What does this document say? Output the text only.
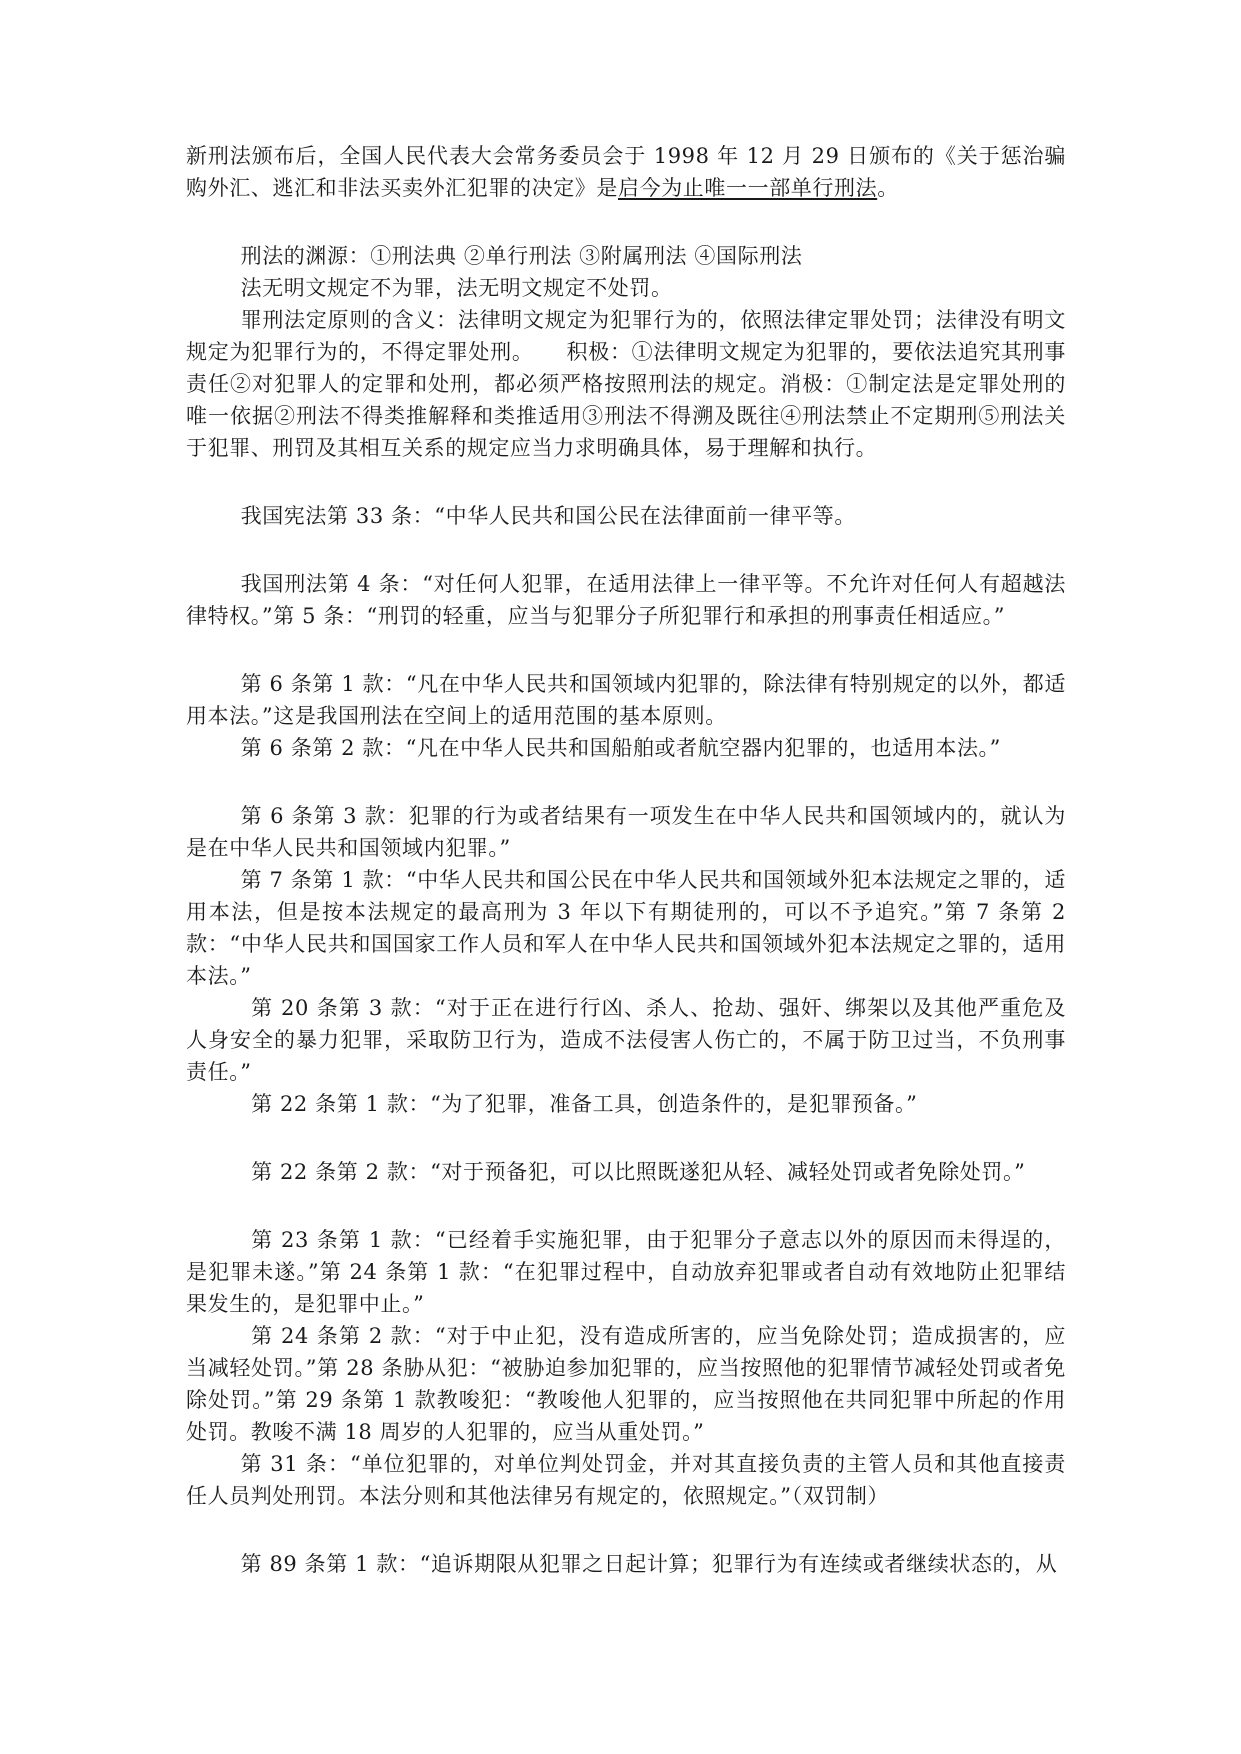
新刑法颁布后，全国人民代表大会常务委员会于 1998 年 12 月 29 日颁布的《关于惩治骗购外汇、逃汇和非法买卖外汇犯罪的决定》是启今为止唯一一部单行刑法。

刑法的渊源：①刑法典 ②单行刑法 ③附属刑法 ④国际刑法

法无明文规定不为罪，法无明文规定不处罚。

罪刑法定原则的含义：法律明文规定为犯罪行为的，依照法律定罪处罚；法律没有明文规定为犯罪行为的，不得定罪处刑。　　积极：①法律明文规定为犯罪的，要依法追究其刑事责任②对犯罪人的定罪和处刑，都必须严格按照刑法的规定。消极：①制定法是定罪处刑的唯一依据②刑法不得类推解释和类推适用③刑法不得溯及既往④刑法禁止不定期刑⑤刑法关于犯罪、刑罚及其相互关系的规定应当力求明确具体，易于理解和执行。

我国宪法第 33 条：“中华人民共和国公民在法律面前一律平等。

我国刑法第 4 条：“对任何人犯罪，在适用法律上一律平等。不允许对任何人有超越法律特权。”第 5 条：“刑罚的轻重，应当与犯罪分子所犯罪行和承担的刑事责任相适应。”

第 6 条第 1 款：“凡在中华人民共和国领域内犯罪的，除法律有特别规定的以外，都适用本法。”这是我国刑法在空间上的适用范围的基本原则。

第 6 条第 2 款：“凡在中华人民共和国船舶或者航空器内犯罪的，也适用本法。”

第 6 条第 3 款：犯罪的行为或者结果有一项发生在中华人民共和国领域内的，就认为是在中华人民共和国领域内犯罪。”

第 7 条第 1 款：“中华人民共和国公民在中华人民共和国领域外犯本法规定之罪的，适用本法，但是按本法规定的最高刑为 3 年以下有期徒刑的，可以不予追究。”第 7 条第 2 款：“中华人民共和国国家工作人员和军人在中华人民共和国领域外犯本法规定之罪的，适用本法。”

第 20 条第 3 款：“对于正在进行行凶、杀人、抢劫、强奸、绑架以及其他严重危及人身安全的暴力犯罪，采取防卫行为，造成不法侵害人伤亡的，不属于防卫过当，不负刑事责任。”

第 22 条第 1 款：“为了犯罪，准备工具，创造条件的，是犯罪预备。”

第 22 条第 2 款：“对于预备犯，可以比照既遂犯从轻、减轻处罚或者免除处罚。”

第 23 条第 1 款：“已经着手实施犯罪，由于犯罪分子意志以外的原因而未得逞的，是犯罪未遂。”第 24 条第 1 款：“在犯罪过程中，自动放弃犯罪或者自动有效地防止犯罪结果发生的，是犯罪中止。”

第 24 条第 2 款：“对于中止犯，没有造成所害的，应当免除处罚；造成损害的，应当减轻处罚。”第 28 条胁从犯：“被胁迫参加犯罪的，应当按照他的犯罪情节减轻处罚或者免除处罚。”第 29 条第 1 款教唆犯：“教唆他人犯罪的，应当按照他在共同犯罪中所起的作用处罚。教唆不满 18 周岁的人犯罪的，应当从重处罚。”

第 31 条：“单位犯罪的，对单位判处罚金，并对其直接负责的主管人员和其他直接责任人员判处刑罚。本法分则和其他法律另有规定的，依照规定。”（双罚制）

第 89 条第 1 款：“追诉期限从犯罪之日起计算；犯罪行为有连续或者继续状态的，从
